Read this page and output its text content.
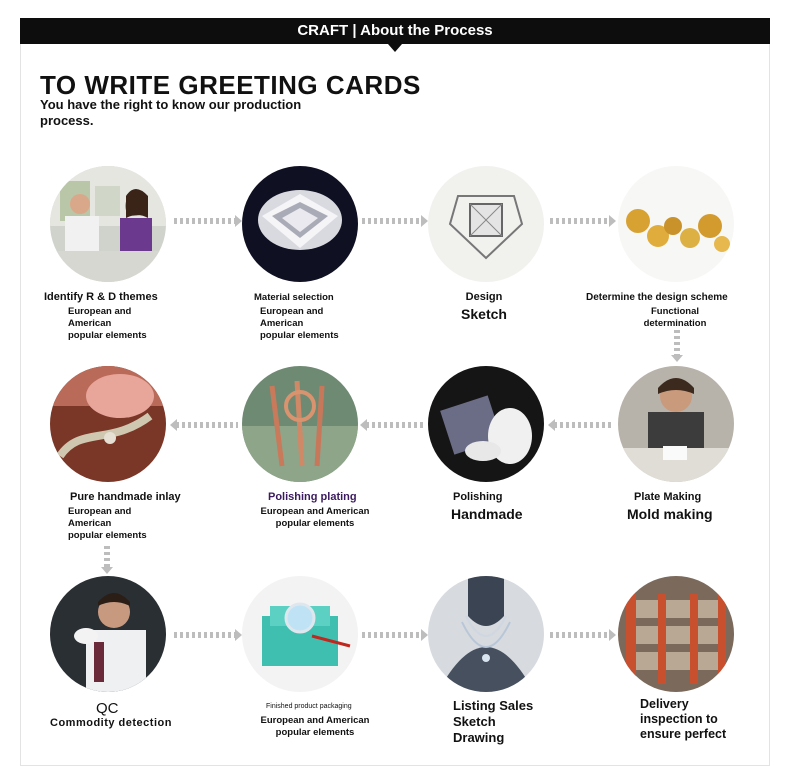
CRAFT | About the Process
TO WRITE GREETING CARDS
You have the right to know our production process.
Identify R & D themes
European and American popular elements
Material selection
European and American popular elements
Design
Sketch
Determine the design scheme
Functional determination
Pure handmade inlay
European and American popular elements
Polishing plating
European and American popular elements
Polishing
Handmade
Plate Making
Mold making
QC
Commodity detection
Finished product packaging
European and American popular elements
Listing Sales Sketch Drawing
Delivery inspection to ensure perfect
